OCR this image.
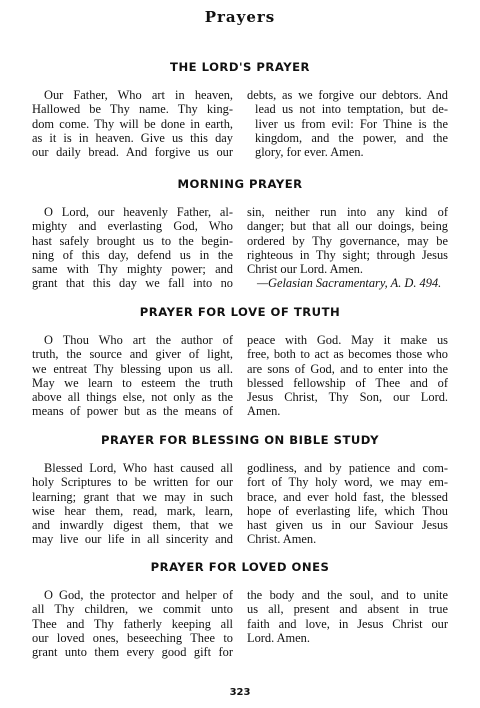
Prayers
THE LORD'S PRAYER
Our Father, Who art in heaven,
Hallowed be Thy name. Thy king-
dom come. Thy will be done in earth,
as it is in heaven. Give us this day
our daily bread. And forgive us our
debts, as we forgive our debtors. And
lead us not into temptation, but de-
liver us from evil: For Thine is the
kingdom, and the power, and the
glory, for ever. Amen.
MORNING PRAYER
O Lord, our heavenly Father, al-
mighty and everlasting God, Who
hast safely brought us to the begin-
ning of this day, defend us in the
same with Thy mighty power; and
grant that this day we fall into no
sin, neither run into any kind of
danger; but that all our doings, being
ordered by Thy governance, may be
righteous in Thy sight; through Jesus
Christ our Lord. Amen.
—Gelasian Sacramentary, A. D. 494.
PRAYER FOR LOVE OF TRUTH
O Thou Who art the author of
truth, the source and giver of light,
we entreat Thy blessing upon us all.
May we learn to esteem the truth
above all things else, not only as the
means of power but as the means of
peace with God. May it make us
free, both to act as becomes those who
are sons of God, and to enter into the
blessed fellowship of Thee and of
Jesus Christ, Thy Son, our Lord.
Amen.
PRAYER FOR BLESSING ON BIBLE STUDY
Blessed Lord, Who hast caused all
holy Scriptures to be written for our
learning; grant that we may in such
wise hear them, read, mark, learn,
and inwardly digest them, that we
may live our life in all sincerity and
godliness, and by patience and com-
fort of Thy holy word, we may em-
brace, and ever hold fast, the blessed
hope of everlasting life, which Thou
hast given us in our Saviour Jesus
Christ. Amen.
PRAYER FOR LOVED ONES
O God, the protector and helper of
all Thy children, we commit unto
Thee and Thy fatherly keeping all
our loved ones, beseeching Thee to
grant unto them every good gift for
the body and the soul, and to unite
us all, present and absent in true
faith and love, in Jesus Christ our
Lord. Amen.
323
